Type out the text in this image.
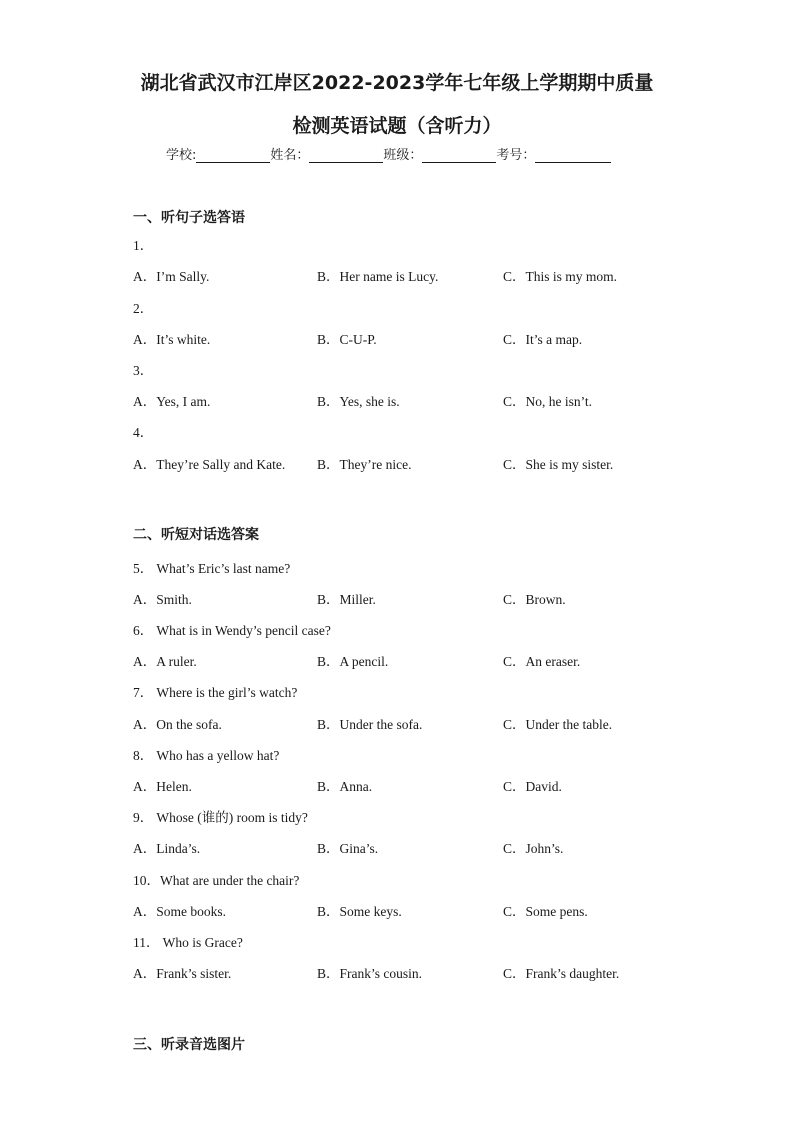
湖北省武汉市江岸区2022-2023学年七年级上学期期中质量
检测英语试题（含听力）
学校:	姓名：	班级：	考号：
一、听句子选答语
1．
A．I’m Sally.	B．Her name is Lucy.	C．This is my mom.
2．
A．It’s white.	B．C-U-P.	C．It’s a map.
3．
A．Yes, I am.	B．Yes, she is.	C．No, he isn’t.
4．
A．They’re Sally and Kate. B．They’re nice.	C．She is my sister.
二、听短对话选答案
5． What’s Eric’s last name?
A．Smith.	B．Miller.	C．Brown.
6． What is in Wendy’s pencil case?
A．A ruler.	B．A pencil.	C．An eraser.
7． Where is the girl’s watch?
A．On the sofa.	B．Under the sofa.	C．Under the table.
8． Who has a yellow hat?
A．Helen.	B．Anna.	C．David.
9． Whose (谁的) room is tidy?
A．Linda’s.	B．Gina’s.	C．John’s.
10．What are under the chair?
A．Some books.	B．Some keys.	C．Some pens.
11． Who is Grace?
A．Frank’s sister.	B．Frank’s cousin.	C．Frank’s daughter.
三、听录音选图片
